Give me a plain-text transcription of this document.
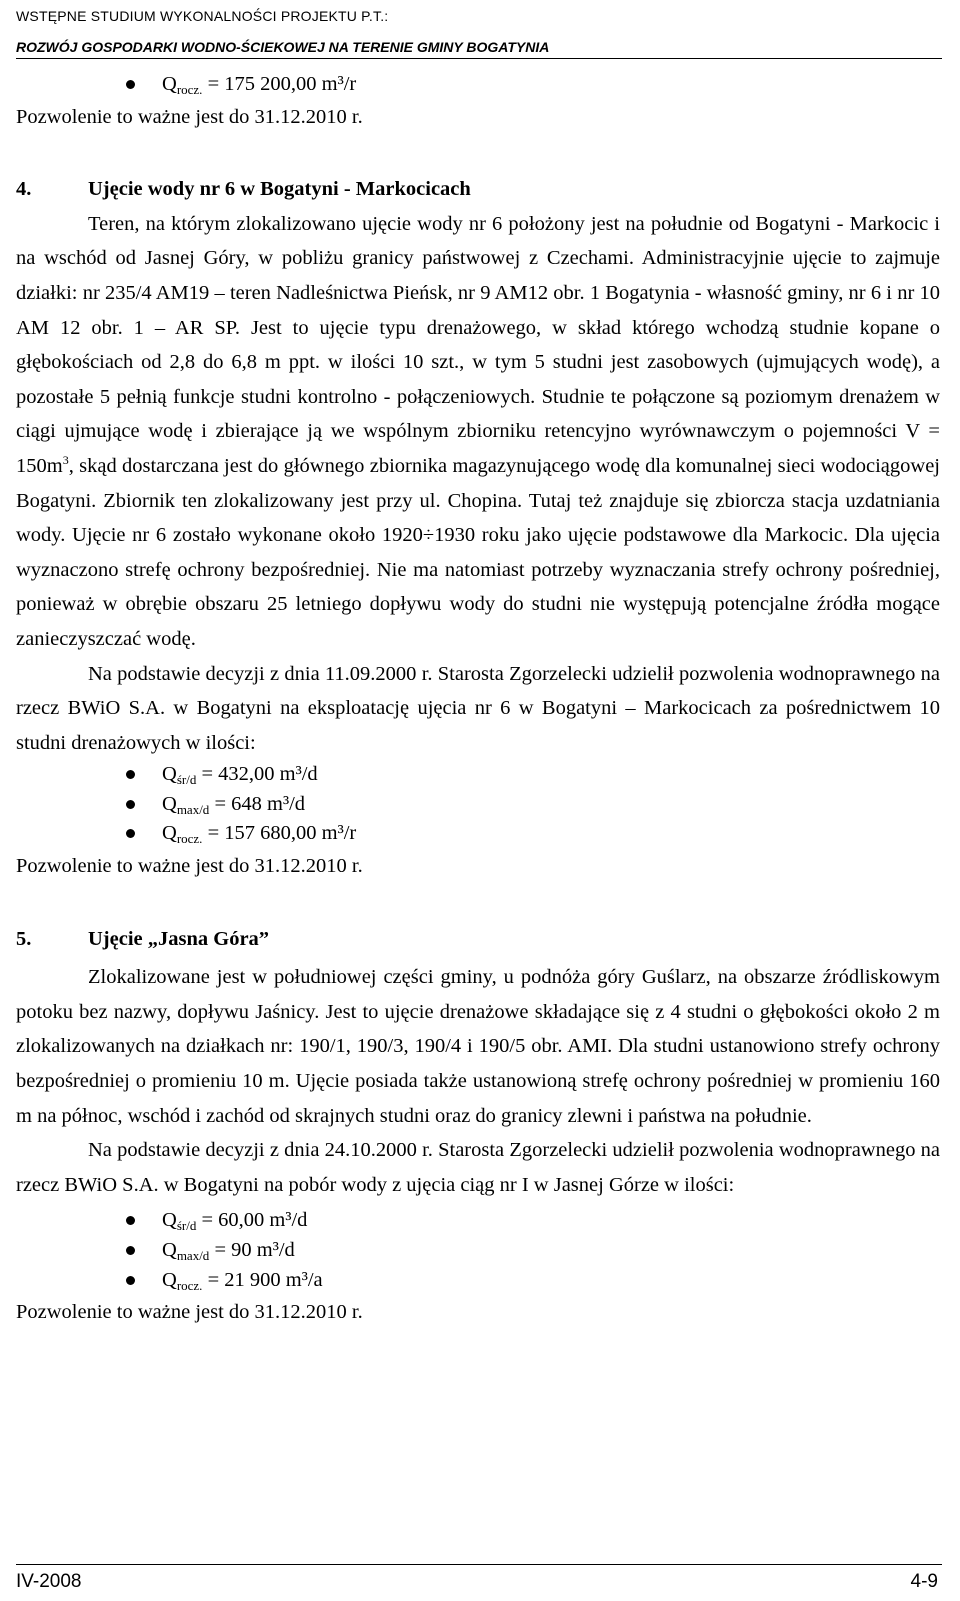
WSTĘPNE STUDIUM WYKONALNOŚCI PROJEKTU P.T.:
ROZWÓJ GOSPODARKI WODNO-ŚCIEKOWEJ NA TERENIE GMINY BOGATYNIA
$Q_{rocz.} = 175$ 200,00 m³/r

Pozwolenie to ważne jest do 31.12.2010 r.

4.	Ujęcie wody nr 6 w Bogatyni - Markocicach

Teren, na którym zlokalizowano ujęcie wody nr 6 położony jest na południe od Bogatyni - Markocic i na wschód od Jasnej Góry, w pobliżu granicy państwowej z Czechami. Administracyjnie ujęcie to zajmuje działki: nr 235/4 AM19 – teren Nadleśnictwa Pieńsk, nr 9 AM12 obr. 1 Bogatynia - własność gminy, nr 6 i nr 10 AM 12 obr. 1 – AR SP. Jest to ujęcie typu drenażowego, w skład którego wchodzą studnie kopane o głębokościach od 2,8 do 6,8 m ppt. w ilości 10 szt., w tym 5 studni jest zasobowych (ujmujących wodę), a pozostałe 5 pełnią funkcje studni kontrolno - połączeniowych. Studnie te połączone są poziomym drenażem w ciągi ujmujące wodę i zbierające ją we wspólnym zbiorniku retencyjno wyrównawczym o pojemności $V = 150m^3$, skąd dostarczana jest do głównego zbiornika magazynującego wodę dla komunalnej sieci wodociągowej Bogatyni. Zbiornik ten zlokalizowany jest przy ul. Chopina. Tutaj też znajduje się zbiorcza stacja uzdatniania wody. Ujęcie nr 6 zostało wykonane około 1920÷1930 roku jako ujęcie podstawowe dla Markocic. Dla ujęcia wyznaczono strefę ochrony bezpośredniej. Nie ma natomiast potrzeby wyznaczania strefy ochrony pośredniej, ponieważ w obrębie obszaru 25 letniego dopływu wody do studni nie występują potencjalne źródła mogące zanieczyszczać wodę.

Na podstawie decyzji z dnia 11.09.2000 r. Starosta Zgorzelecki udzielił pozwolenia wodnoprawnego na rzecz BWiO S.A. w Bogatyni na eksploatację ujęcia nr 6 w Bogatyni – Markocicach za pośrednictwem 10 studni drenażowych w ilości:

$Q_{śr/d} = 432,00$ m³/d
$Q_{max/d} = 648$ m³/d
$Q_{rocz.} = 157$ 680,00 m³/r

Pozwolenie to ważne jest do 31.12.2010 r.

5.	Ujęcie „Jasna Góra”

Zlokalizowane jest w południowej części gminy, u podnóża góry Guślarz, na obszarze źródliskowym potoku bez nazwy, dopływu Jaśnicy. Jest to ujęcie drenażowe składające się z 4 studni o głębokości około 2 m zlokalizowanych na działkach nr: 190/1, 190/3, 190/4 i 190/5 obr. AMI. Dla studni ustanowiono strefy ochrony bezpośredniej o promieniu 10 m. Ujęcie posiada także ustanowioną strefę ochrony pośredniej w promieniu 160 m na północ, wschód i zachód od skrajnych studni oraz do granicy zlewni i państwa na południe.

Na podstawie decyzji z dnia 24.10.2000 r. Starosta Zgorzelecki udzielił pozwolenia wodnoprawnego na rzecz BWiO S.A. w Bogatyni na pobór wody z ujęcia ciąg nr I w Jasnej Górze w ilości:

$Q_{śr/d} = 60,00$ m³/d
$Q_{max/d} = 90$ m³/d
$Q_{rocz.} = 21$ 900 m³/a

Pozwolenie to ważne jest do 31.12.2010 r.

IV-2008	4-9
